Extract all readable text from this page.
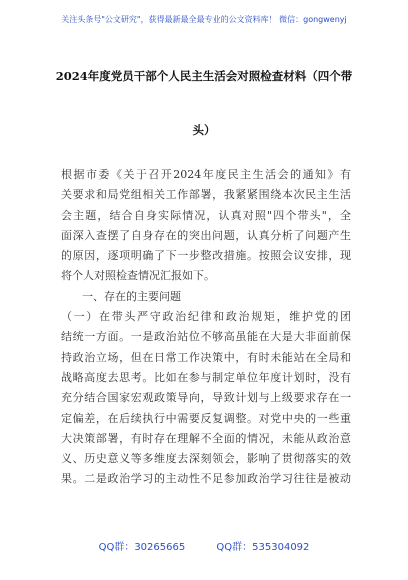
关注头条号"公文研究"，获得最新最全最专业的公文资料库！ 微信：gongwenyj
2024年度党员干部个人民主生活会对照检查材料（四个带
头）
根据市委《关于召开2024年度民主生活会的通知》有
关要求和局党组相关工作部署，我紧紧围绕本次民主生活
会主题，结合自身实际情况，认真对照"四个带头"，全
面深入查摆了自身存在的突出问题，认真分析了问题产生
的原因，逐项明确了下一步整改措施。按照会议安排，现
将个人对照检查情况汇报如下。
一、存在的主要问题
（一）在带头严守政治纪律和政治规矩，维护党的团
结统一方面。一是政治站位不够高虽能在大是大非面前保
持政治立场，但在日常工作决策中，有时未能站在全局和
战略高度去思考。比如在参与制定单位年度计划时，没有
充分结合国家宏观政策导向，导致计划与上级要求存在一
定偏差，在后续执行中需要反复调整。对党中央的一些重
大决策部署，有时存在理解不全面的情况，未能从政治意
义、历史意义等多维度去深刻领会，影响了贯彻落实的效
果。二是政治学习的主动性不足参加政治学习往往是被动
QQ群：30265665	QQ群：535304092
